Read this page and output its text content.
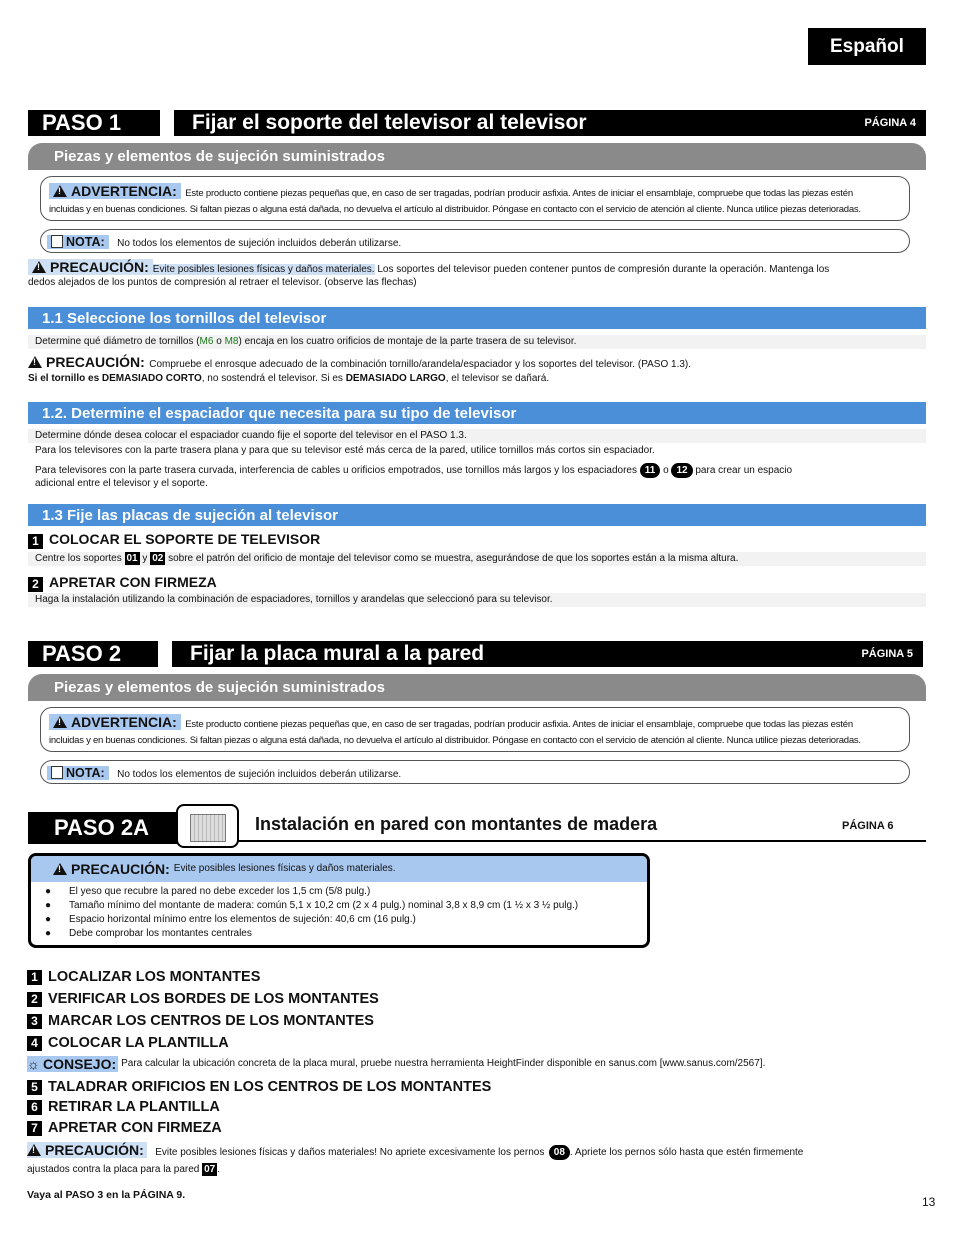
Español
PASO 1	Fijar el soporte del televisor al televisor	PÁGINA 4
Piezas y elementos de sujeción suministrados
!ADVERTENCIA: Este producto contiene piezas pequeñas que, en caso de ser tragadas, podrían producir asfixia. Antes de iniciar el ensamblaje, compruebe que todas las piezas estén
incluidas y en buenas condiciones. Si faltan piezas o alguna está dañada, no devuelva el artículo al distribuidor. Póngase en contacto con el servicio de atención al cliente. Nunca utilice piezas deterioradas.
NOTA: No todos los elementos de sujeción incluidos deberán utilizarse.
!PRECAUCIÓN: Evite posibles lesiones físicas y daños materiales. Los soportes del televisor pueden contener puntos de compresión durante la operación. Mantenga los
dedos alejados de los puntos de compresión al retraer el televisor. (observe las flechas)
1.1 Seleccione los tornillos del televisor
Determine qué diámetro de tornillos (M6 o M8) encaja en los cuatro orificios de montaje de la parte trasera de su televisor.
!PRECAUCIÓN: Compruebe el enrosque adecuado de la combinación tornillo/arandela/espaciador y los soportes del televisor. (PASO 1.3).
Si el tornillo es DEMASIADO CORTO, no sostendrá el televisor. Si es DEMASIADO LARGO, el televisor se dañará.
1.2. Determine el espaciador que necesita para su tipo de televisor
Determine dónde desea colocar el espaciador cuando fije el soporte del televisor en el PASO 1.3.
Para los televisores con la parte trasera plana y para que su televisor esté más cerca de la pared, utilice tornillos más cortos sin espaciador.
Para televisores con la parte trasera curvada, interferencia de cables u orificios empotrados, use tornillos más largos y los espaciadores 11 o 12 para crear un espacio
adicional entre el televisor y el soporte.
1.3 Fije las placas de sujeción al televisor
1 COLOCAR EL SOPORTE DE TELEVISOR
Centre los soportes 01 y 02 sobre el patrón del orificio de montaje del televisor como se muestra, asegurándose de que los soportes están a la misma altura.
2 APRETAR CON FIRMEZA
Haga la instalación utilizando la combinación de espaciadores, tornillos y arandelas que seleccionó para su televisor.
PASO 2	Fijar la placa mural a la pared	PÁGINA 5
Piezas y elementos de sujeción suministrados
!ADVERTENCIA: Este producto contiene piezas pequeñas que, en caso de ser tragadas, podrían producir asfixia. Antes de iniciar el ensamblaje, compruebe que todas las piezas estén
incluidas y en buenas condiciones. Si faltan piezas o alguna está dañada, no devuelva el artículo al distribuidor. Póngase en contacto con el servicio de atención al cliente. Nunca utilice piezas deterioradas.
NOTA: No todos los elementos de sujeción incluidos deberán utilizarse.
PASO 2A	Instalación en pared con montantes de madera	PÁGINA 6
!PRECAUCIÓN: Evite posibles lesiones físicas y daños materiales.
● El yeso que recubre la pared no debe exceder los 1,5 cm (5/8 pulg.)
● Tamaño mínimo del montante de madera: común 5,1 x 10,2 cm (2 x 4 pulg.) nominal 3,8 x 8,9 cm (1 ½ x 3 ½ pulg.)
● Espacio horizontal mínimo entre los elementos de sujeción: 40,6 cm (16 pulg.)
● Debe comprobar los montantes centrales
1 LOCALIZAR LOS MONTANTES
2 VERIFICAR LOS BORDES DE LOS MONTANTES
3 MARCAR LOS CENTROS DE LOS MONTANTES
4 COLOCAR LA PLANTILLA
☼ CONSEJO: Para calcular la ubicación concreta de la placa mural, pruebe nuestra herramienta HeightFinder disponible en sanus.com [www.sanus.com/2567].
5 TALADRAR ORIFICIOS EN LOS CENTROS DE LOS MONTANTES
6 RETIRAR LA PLANTILLA
7 APRETAR CON FIRMEZA
!PRECAUCIÓN: Evite posibles lesiones físicas y daños materiales! No apriete excesivamente los pernos 08 . Apriete los pernos sólo hasta que estén firmemente
ajustados contra la placa para la pared 07 .
Vaya al PASO 3 en la PÁGINA 9.	13
